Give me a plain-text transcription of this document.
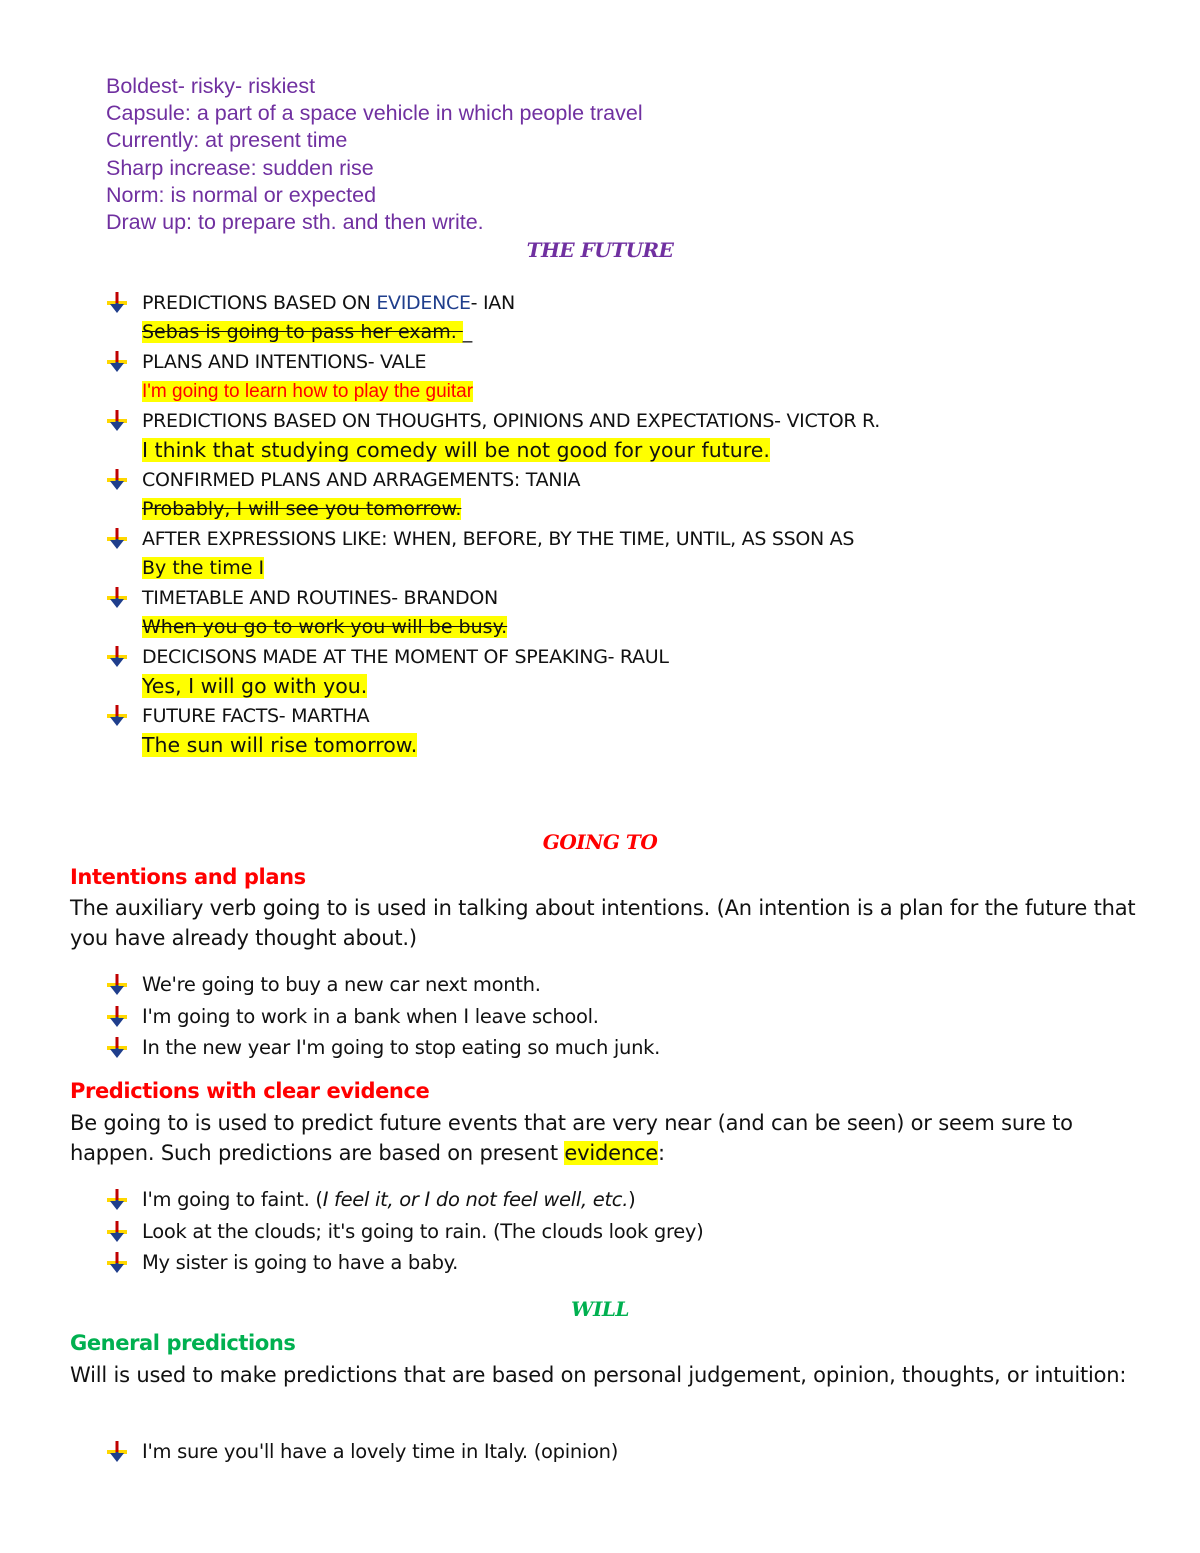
Boldest- risky- riskiest
Capsule: a part of a space vehicle in which people travel
Currently: at present time
Sharp increase: sudden rise
Norm: is normal or expected
Draw up: to prepare sth. and then write.
THE FUTURE
PREDICTIONS BASED ON EVIDENCE- IAN
Sebas is going to pass her exam. _
PLANS AND INTENTIONS- VALE
I'm going to learn how to play the guitar
PREDICTIONS BASED ON THOUGHTS, OPINIONS AND EXPECTATIONS- VICTOR R.
I think that studying comedy will be not good for your future.
CONFIRMED PLANS AND ARRAGEMENTS: TANIA
Probably, I will see you tomorrow.
AFTER EXPRESSIONS LIKE: WHEN, BEFORE, BY THE TIME, UNTIL, AS SSON AS
By the time I
TIMETABLE AND ROUTINES- BRANDON
When you go to work you will be busy.
DECICISONS MADE AT THE MOMENT OF SPEAKING- RAUL
Yes, I will go with you.
FUTURE FACTS- MARTHA
The sun will rise tomorrow.
GOING TO
Intentions and plans
The auxiliary verb going to is used in talking about intentions. (An intention is a plan for the future that you have already thought about.)
We're going to buy a new car next month.
I'm going to work in a bank when I leave school.
In the new year I'm going to stop eating so much junk.
Predictions with clear evidence
Be going to is used to predict future events that are very near (and can be seen) or seem sure to happen. Such predictions are based on present evidence:
I'm going to faint. (I feel it, or I do not feel well, etc.)
Look at the clouds; it's going to rain. (The clouds look grey)
My sister is going to have a baby.
WILL
General predictions
Will is used to make predictions that are based on personal judgement, opinion, thoughts, or intuition:
I'm sure you'll have a lovely time in Italy. (opinion)
